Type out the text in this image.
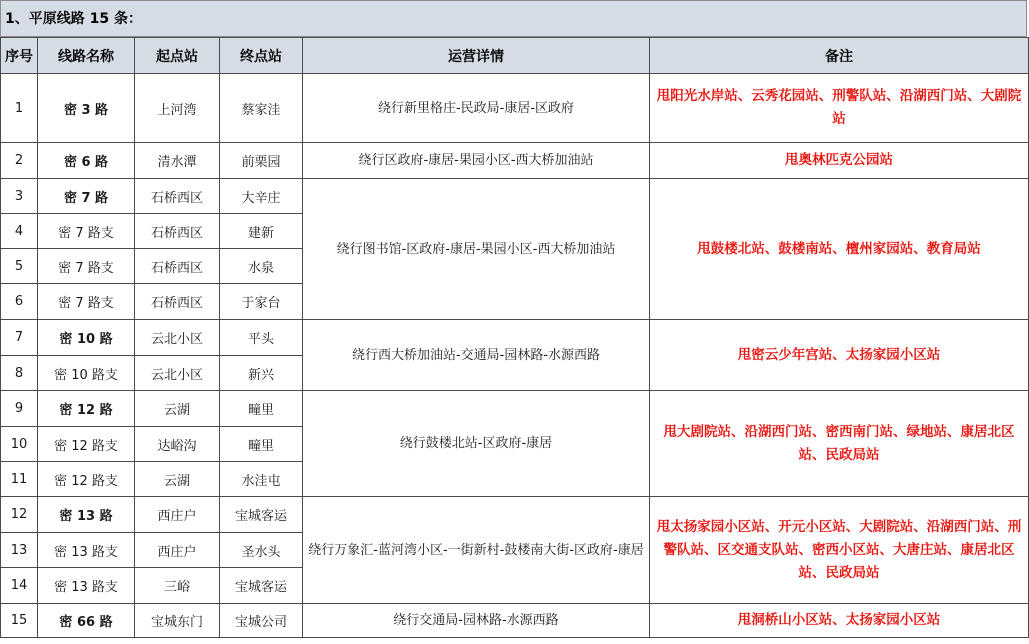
1、平原线路 15 条：
序号	线路名称	起点站	终点站	运营详情	备注
1	密 3 路	上河湾	蔡家洼	绕行新里格庄-民政局-康居-区政府	甩阳光水岸站、云秀花园站、刑警队站、沿湖西门站、大剧院站
2	密 6 路	清水潭	前栗园	绕行区政府-康居-果园小区-西大桥加油站	甩奥林匹克公园站
3	密 7 路	石桥西区	大辛庄	绕行图书馆-区政府-康居-果园小区-西大桥加油站	甩鼓楼北站、鼓楼南站、檀州家园站、教育局站
4	密 7 路支	石桥西区	建新		
5	密 7 路支	石桥西区	水泉		
6	密 7 路支	石桥西区	于家台		
7	密 10 路	云北小区	平头	绕行西大桥加油站-交通局-园林路-水源西路	甩密云少年宫站、太扬家园小区站
8	密 10 路支	云北小区	新兴		
9	密 12 路	云湖	疃里	绕行鼓楼北站-区政府-康居	甩大剧院站、沿湖西门站、密西南门站、绿地站、康居北区站、民政局站
10	密 12 路支	达峪沟	疃里		
11	密 12 路支	云湖	水洼屯		
12	密 13 路	西庄户	宝城客运	绕行万象汇-蓝河湾小区-一街新村-鼓楼南大街-区政府-康居	甩太扬家园小区站、开元小区站、大剧院站、沿湖西门站、刑警队站、区交通支队站、密西小区站、大唐庄站、康居北区站、民政局站
13	密 13 路支	西庄户	圣水头		
14	密 13 路支	三峪	宝城客运		
15	密 66 路	宝城东门	宝城公司	绕行交通局-园林路-水源西路	甩洞桥山小区站、太扬家园小区站
